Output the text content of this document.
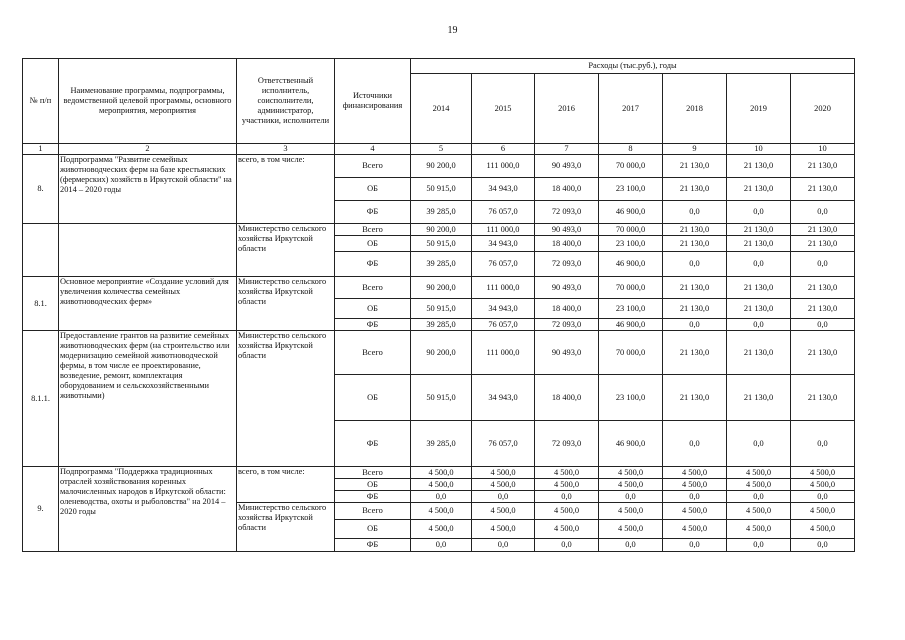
19
№ п/п	Наименование программы, подпрограммы, ведомственной целевой программы, основного мероприятия, мероприятия	Ответственный исполнитель, соисполнители, администратор, участники, исполнители	Источники финансирования	Расходы (тыс.руб.), годы						
				2014	2015	2016	2017	2018	2019	2020
1	2	3	4	5	6	7	8	9	10	10
8.	Подпрограмма "Развитие семейных животноводческих ферм на базе крестьянских (фермерских) хозяйств в Иркутской области" на 2014 – 2020 годы	всего, в том числе:	Всего	90 200,0	111 000,0	90 493,0	70 000,0	21 130,0	21 130,0	21 130,0
			ОБ	50 915,0	34 943,0	18 400,0	23 100,0	21 130,0	21 130,0	21 130,0
			ФБ	39 285,0	76 057,0	72 093,0	46 900,0	0,0	0,0	0,0
		Министерство сельского хозяйства Иркутской области	Всего	90 200,0	111 000,0	90 493,0	70 000,0	21 130,0	21 130,0	21 130,0
			ОБ	50 915,0	34 943,0	18 400,0	23 100,0	21 130,0	21 130,0	21 130,0
			ФБ	39 285,0	76 057,0	72 093,0	46 900,0	0,0	0,0	0,0
8.1.	Основное мероприятие «Создание условий для увеличения количества семейных животноводческих ферм»	Министерство сельского хозяйства Иркутской области	Всего	90 200,0	111 000,0	90 493,0	70 000,0	21 130,0	21 130,0	21 130,0
			ОБ	50 915,0	34 943,0	18 400,0	23 100,0	21 130,0	21 130,0	21 130,0
			ФБ	39 285,0	76 057,0	72 093,0	46 900,0	0,0	0,0	0,0
8.1.1.	Предоставление грантов на развитие семейных животноводческих ферм (на строительство или модернизацию семейной животноводческой фермы, в том числе ее проектирование, возведение, ремонт, комплектация оборудованием и сельскохозяйственными животными)	Министерство сельского хозяйства Иркутской области	Всего	90 200,0	111 000,0	90 493,0	70 000,0	21 130,0	21 130,0	21 130,0
			ОБ	50 915,0	34 943,0	18 400,0	23 100,0	21 130,0	21 130,0	21 130,0
			ФБ	39 285,0	76 057,0	72 093,0	46 900,0	0,0	0,0	0,0
9.	Подпрограмма "Поддержка традиционных отраслей хозяйствования коренных малочисленных народов в Иркутской области: оленеводства, охоты и рыболовства" на 2014 – 2020 годы	всего, в том числе:	Всего	4 500,0	4 500,0	4 500,0	4 500,0	4 500,0	4 500,0	4 500,0
			ОБ	4 500,0	4 500,0	4 500,0	4 500,0	4 500,0	4 500,0	4 500,0
			ФБ	0,0	0,0	0,0	0,0	0,0	0,0	0,0
		Министерство сельского хозяйства Иркутской области	Всего	4 500,0	4 500,0	4 500,0	4 500,0	4 500,0	4 500,0	4 500,0
			ОБ	4 500,0	4 500,0	4 500,0	4 500,0	4 500,0	4 500,0	4 500,0
			ФБ	0,0	0,0	0,0	0,0	0,0	0,0	0,0
